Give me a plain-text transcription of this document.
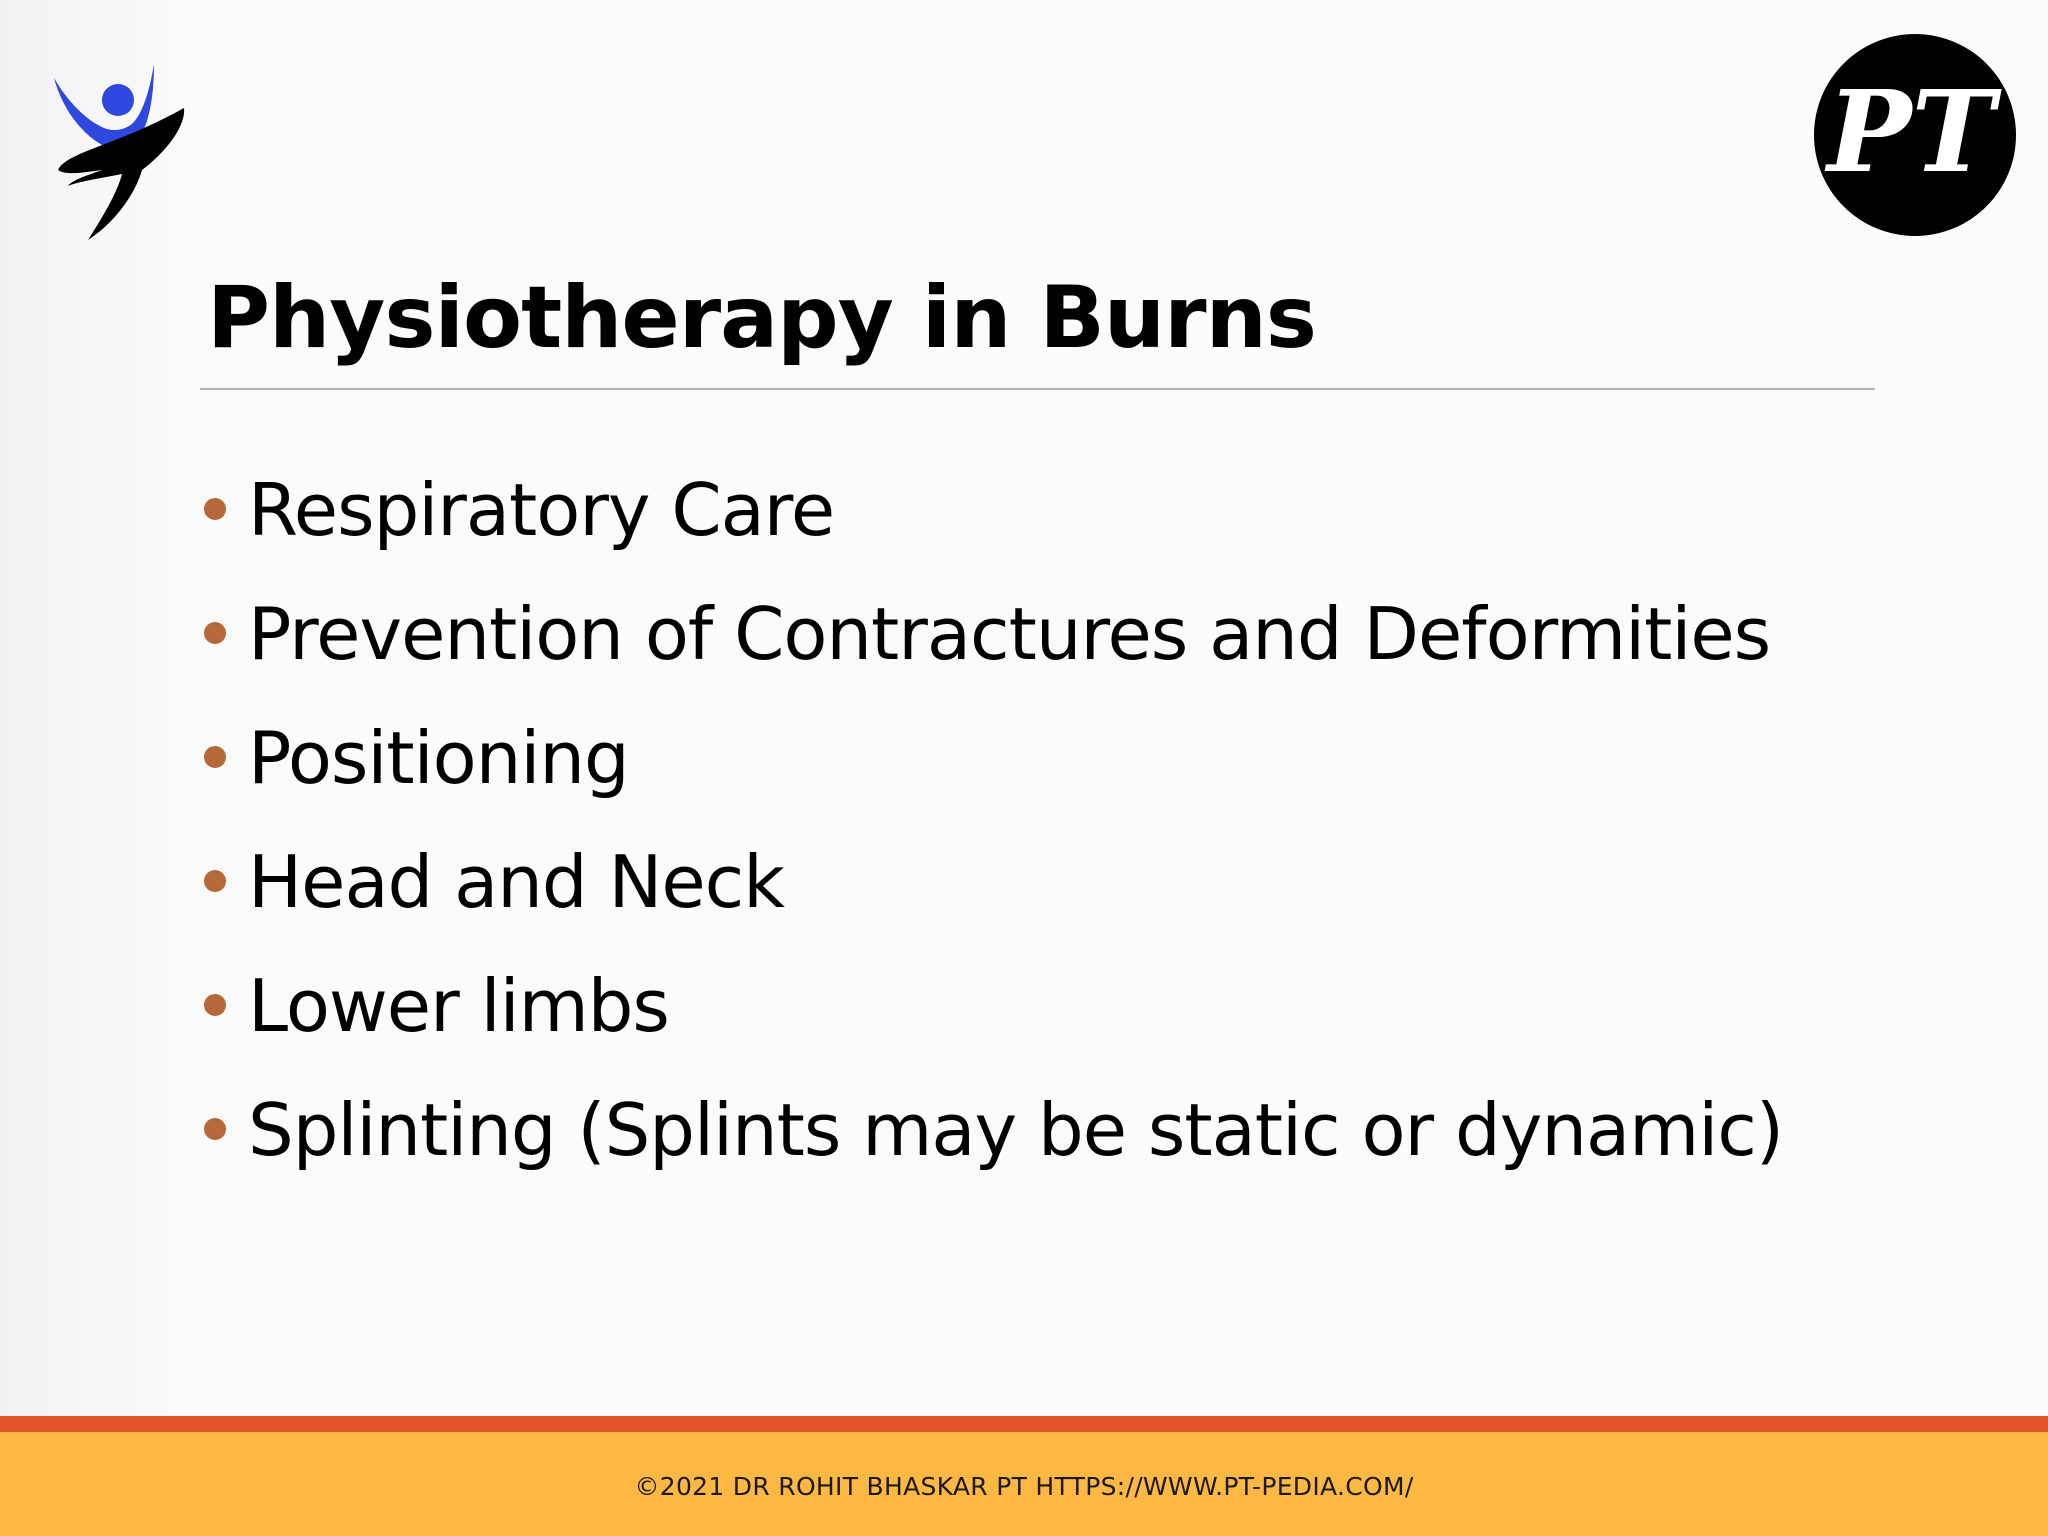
PT
Physiotherapy in Burns
Respiratory Care
Prevention of Contractures and Deformities
Positioning
Head and Neck
Lower limbs
Splinting (Splints may be static or dynamic)
©2021 DR ROHIT BHASKAR PT HTTPS://WWW.PT-PEDIA.COM/
